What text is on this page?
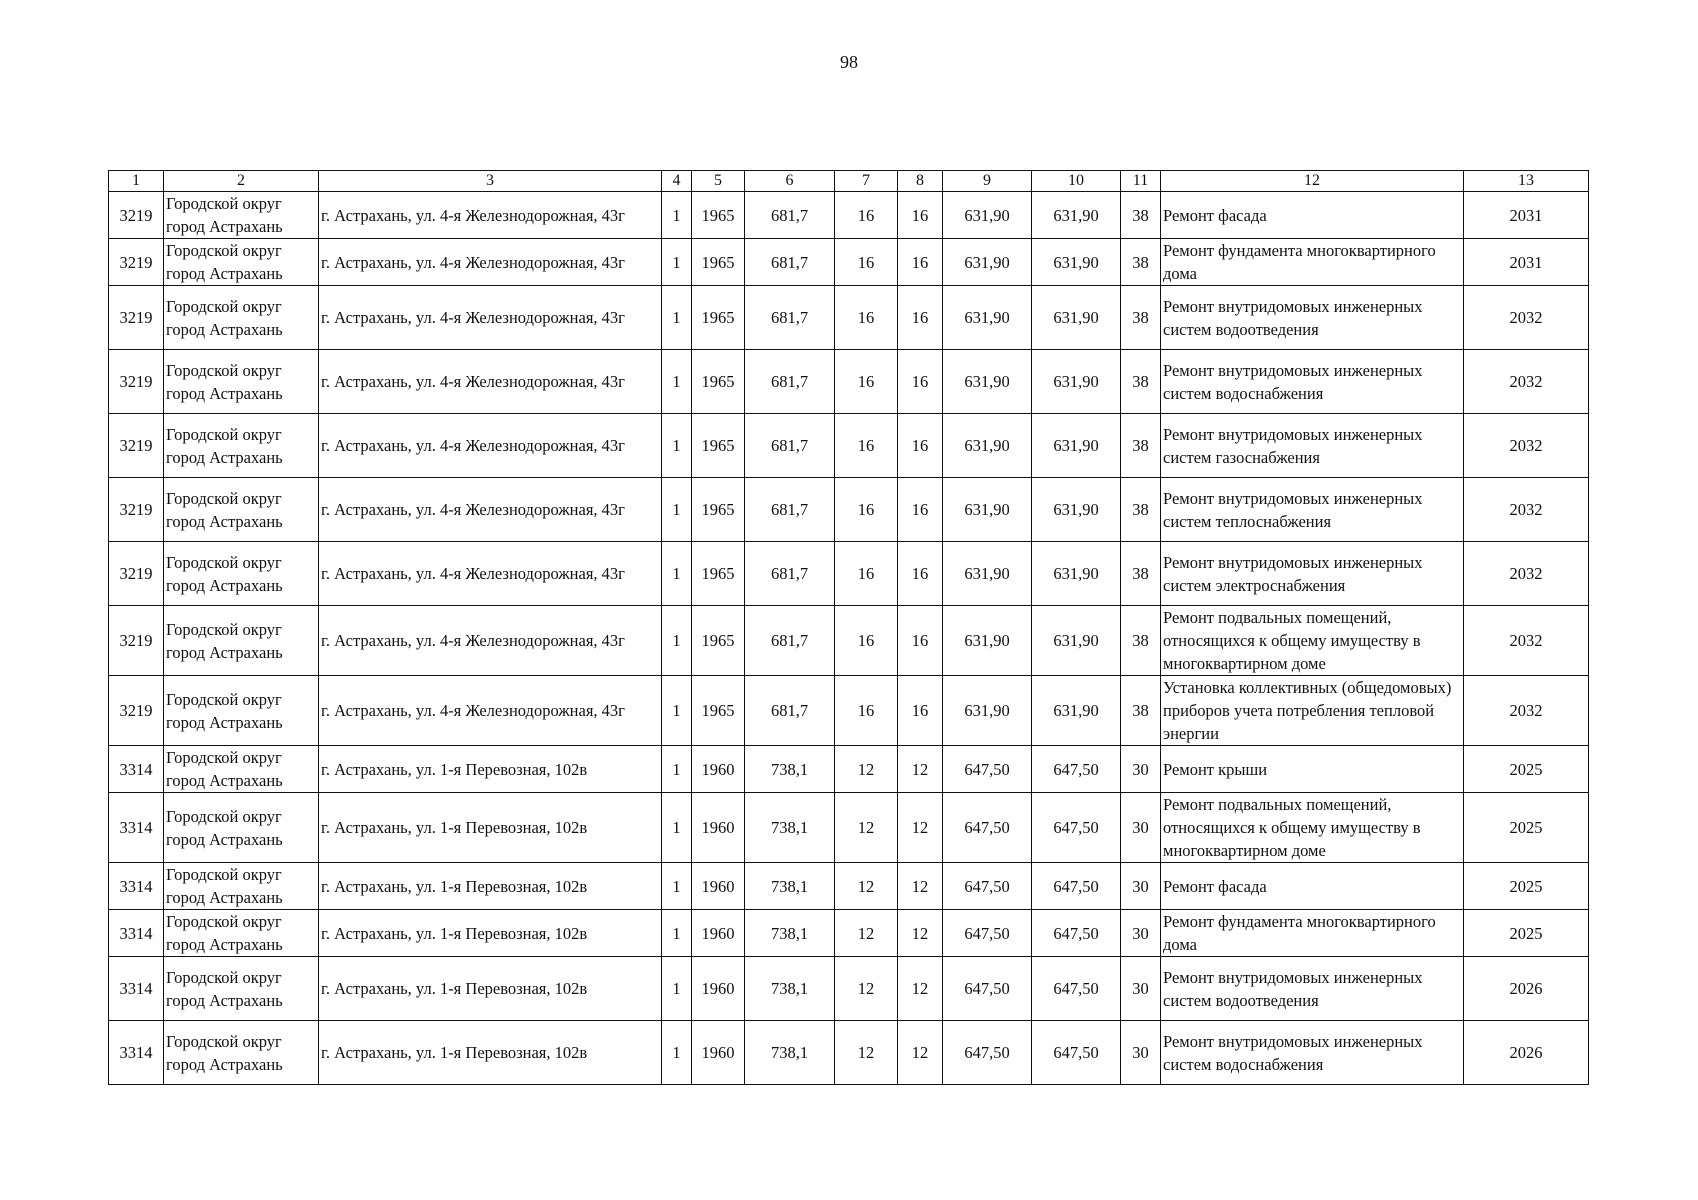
98
1	2	3	4	5	6	7	8	9	10	11	12	13
3219	Городской округ город Астрахань	г. Астрахань, ул. 4-я Железнодорожная, 43г	1	1965	681,7	16	16	631,90	631,90	38	Ремонт фасада	2031
3219	Городской округ город Астрахань	г. Астрахань, ул. 4-я Железнодорожная, 43г	1	1965	681,7	16	16	631,90	631,90	38	Ремонт фундамента многоквартирного дома	2031
3219	Городской округ город Астрахань	г. Астрахань, ул. 4-я Железнодорожная, 43г	1	1965	681,7	16	16	631,90	631,90	38	Ремонт внутридомовых инженерных систем водоотведения	2032
3219	Городской округ город Астрахань	г. Астрахань, ул. 4-я Железнодорожная, 43г	1	1965	681,7	16	16	631,90	631,90	38	Ремонт внутридомовых инженерных систем водоснабжения	2032
3219	Городской округ город Астрахань	г. Астрахань, ул. 4-я Железнодорожная, 43г	1	1965	681,7	16	16	631,90	631,90	38	Ремонт внутридомовых инженерных систем газоснабжения	2032
3219	Городской округ город Астрахань	г. Астрахань, ул. 4-я Железнодорожная, 43г	1	1965	681,7	16	16	631,90	631,90	38	Ремонт внутридомовых инженерных систем теплоснабжения	2032
3219	Городской округ город Астрахань	г. Астрахань, ул. 4-я Железнодорожная, 43г	1	1965	681,7	16	16	631,90	631,90	38	Ремонт внутридомовых инженерных систем электроснабжения	2032
3219	Городской округ город Астрахань	г. Астрахань, ул. 4-я Железнодорожная, 43г	1	1965	681,7	16	16	631,90	631,90	38	Ремонт подвальных помещений, относящихся к общему имуществу в многоквартирном доме	2032
3219	Городской округ город Астрахань	г. Астрахань, ул. 4-я Железнодорожная, 43г	1	1965	681,7	16	16	631,90	631,90	38	Установка коллективных (общедомовых) приборов учета потребления тепловой энергии	2032
3314	Городской округ город Астрахань	г. Астрахань, ул. 1-я Перевозная, 102в	1	1960	738,1	12	12	647,50	647,50	30	Ремонт крыши	2025
3314	Городской округ город Астрахань	г. Астрахань, ул. 1-я Перевозная, 102в	1	1960	738,1	12	12	647,50	647,50	30	Ремонт подвальных помещений, относящихся к общему имуществу в многоквартирном доме	2025
3314	Городской округ город Астрахань	г. Астрахань, ул. 1-я Перевозная, 102в	1	1960	738,1	12	12	647,50	647,50	30	Ремонт фасада	2025
3314	Городской округ город Астрахань	г. Астрахань, ул. 1-я Перевозная, 102в	1	1960	738,1	12	12	647,50	647,50	30	Ремонт фундамента многоквартирного дома	2025
3314	Городской округ город Астрахань	г. Астрахань, ул. 1-я Перевозная, 102в	1	1960	738,1	12	12	647,50	647,50	30	Ремонт внутридомовых инженерных систем водоотведения	2026
3314	Городской округ город Астрахань	г. Астрахань, ул. 1-я Перевозная, 102в	1	1960	738,1	12	12	647,50	647,50	30	Ремонт внутридомовых инженерных систем водоснабжения	2026
